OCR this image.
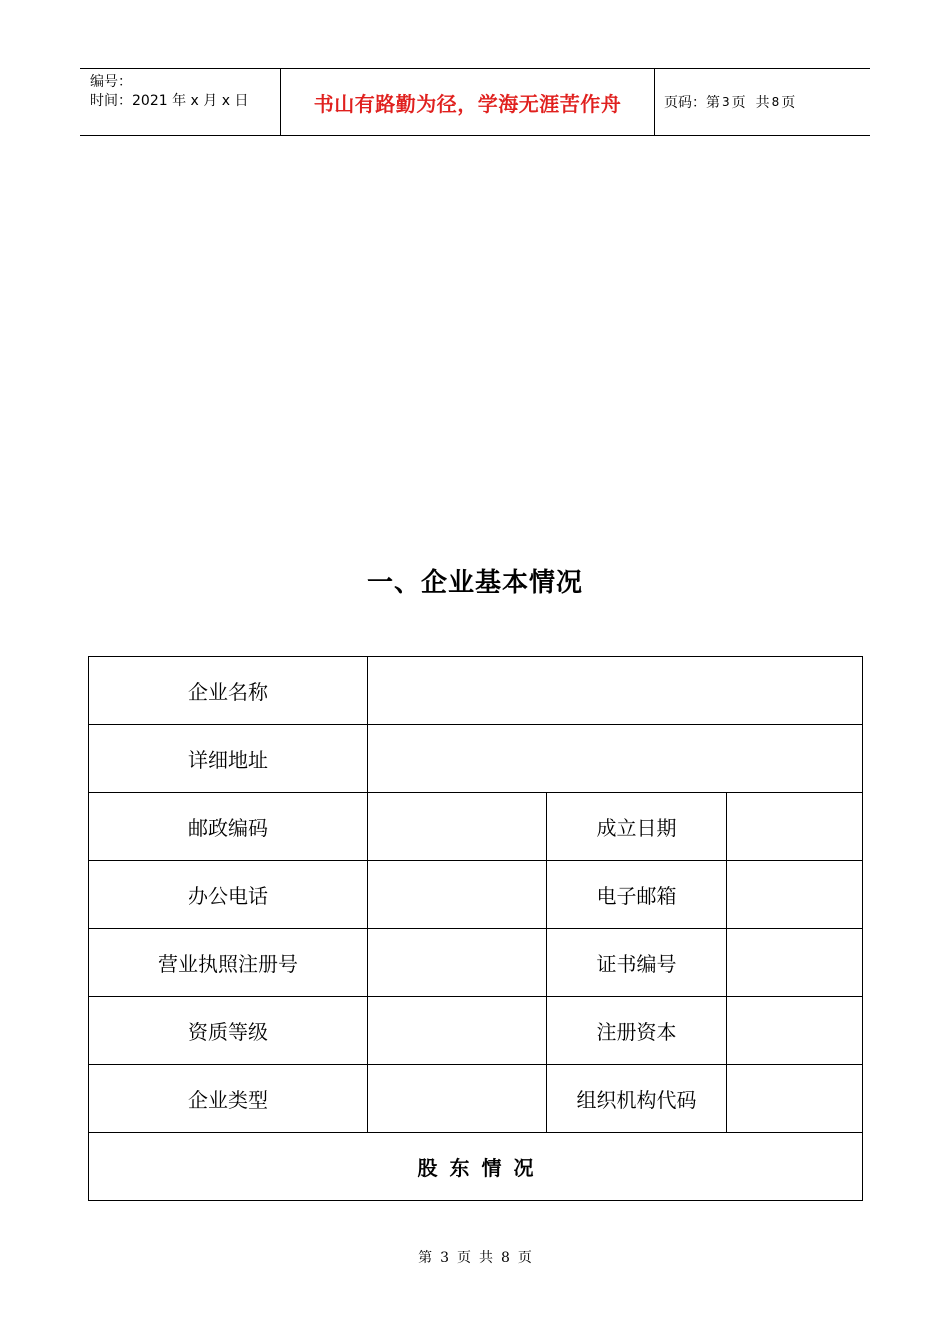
编号：
时间：2021 年 x 月 x 日	书山有路勤为径，学海无涯苦作舟	页码：第 3 页 共 8 页
一、企业基本情况
企业名称			
详细地址			
邮政编码		成立日期	
办公电话		电子邮箱	
营业执照注册号		证书编号	
资质等级		注册资本	
企业类型		组织机构代码	
股东情况			
第 3 页 共 8 页
